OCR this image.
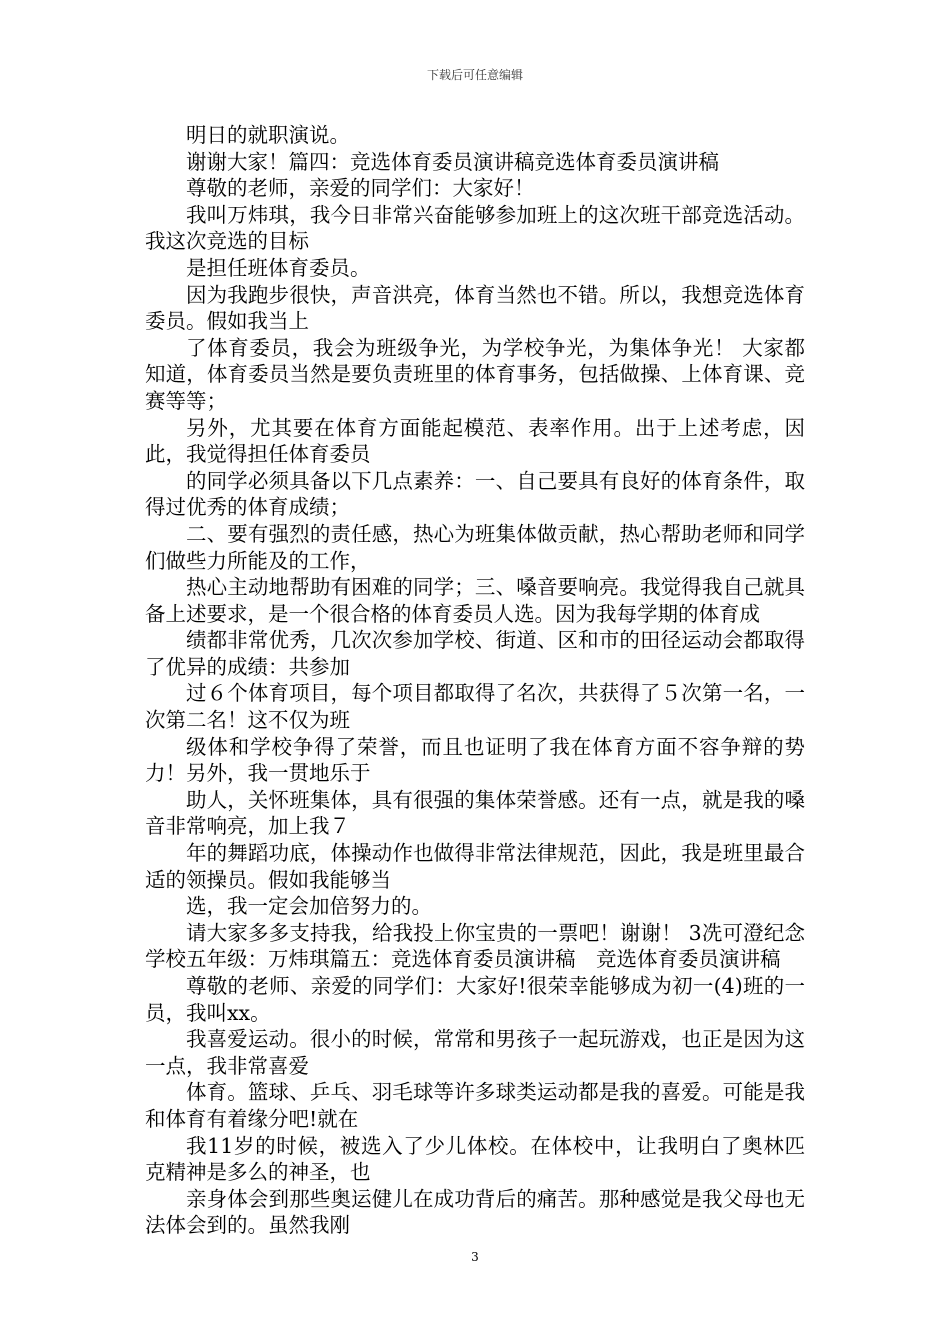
下载后可任意编辑

明日的就职演说。

谢谢大家！篇四：竞选体育委员演讲稿竞选体育委员演讲稿

尊敬的老师，亲爱的同学们：大家好！

我叫万炜琪，我今日非常兴奋能够参加班上的这次班干部竞选活动。我这次竞选的目标

是担任班体育委员。

因为我跑步很快，声音洪亮，体育当然也不错。所以，我想竞选体育委员。假如我当上

了体育委员，我会为班级争光，为学校争光，为集体争光！ 大家都知道，体育委员当然是要负责班里的体育事务，包括做操、上体育课、竞赛等等；

另外，尤其要在体育方面能起模范、表率作用。出于上述考虑，因此，我觉得担任体育委员

的同学必须具备以下几点素养：一、自己要具有良好的体育条件，取得过优秀的体育成绩；

二、要有强烈的责任感，热心为班集体做贡献，热心帮助老师和同学们做些力所能及的工作，

热心主动地帮助有困难的同学；三、嗓音要响亮。我觉得我自己就具备上述要求，是一个很合格的体育委员人选。因为我每学期的体育成

绩都非常优秀，几次次参加学校、街道、区和市的田径运动会都取得了优异的成绩：共参加

过６个体育项目，每个项目都取得了名次，共获得了５次第一名，一次第二名！这不仅为班

级体和学校争得了荣誉，而且也证明了我在体育方面不容争辩的势力！另外，我一贯地乐于

助人，关怀班集体，具有很强的集体荣誉感。还有一点，就是我的嗓音非常响亮，加上我７

年的舞蹈功底，体操动作也做得非常法律规范，因此，我是班里最合适的领操员。假如我能够当

选，我一定会加倍努力的。

请大家多多支持我，给我投上你宝贵的一票吧！谢谢！ 3冼可澄纪念学校五年级：万炜琪篇五：竞选体育委员演讲稿　竞选体育委员演讲稿

尊敬的老师、亲爱的同学们：大家好!很荣幸能够成为初一(4)班的一员，我叫xx。

我喜爱运动。很小的时候，常常和男孩子一起玩游戏，也正是因为这一点，我非常喜爱

体育。篮球、乒乓、羽毛球等许多球类运动都是我的喜爱。可能是我和体育有着缘分吧!就在

我11岁的时候，被选入了少儿体校。在体校中，让我明白了奥林匹克精神是多么的神圣，也

亲身体会到那些奥运健儿在成功背后的痛苦。那种感觉是我父母也无法体会到的。虽然我刚

3
